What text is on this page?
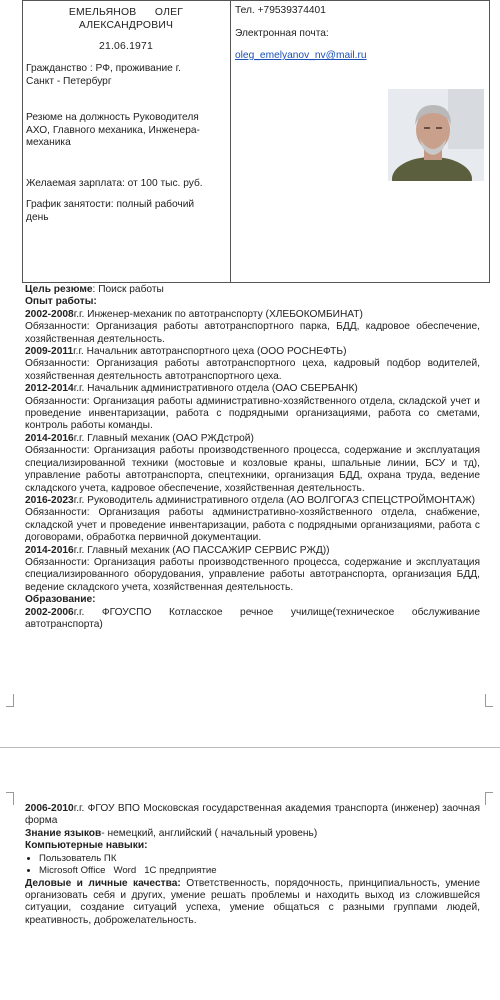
ЕМЕЛЬЯНОВ      ОЛЕГ
АЛЕКСАНДРОВИЧ
21.06.1971
Гражданство : РФ, проживание г.
Санкт - Петербург
Резюме на должность Руководителя
АХО, Главного механика, Инженера-
механика
Желаемая зарплата: от 100 тыс. руб.
График занятости: полный рабочий
день
Тел. +79539374401
Электронная почта:
oleg_emelyanov_nv@mail.ru

Цель резюме: Поиск работы

Опыт работы:

2002-2008г.г. Инженер-механик по автотранспорту (ХЛЕБОКОМБИНАТ)

Обязанности: Организация работы автотранспортного парка, БДД, кадровое обеспечение, хозяйственная деятельность.

2009-2011г.г. Начальник автотранспортного цеха (ООО РОСНЕФТЬ)

Обязанности: Организация работы автотранспортного цеха, кадровый подбор водителей, хозяйственная деятельность автотранспортного цеха.

2012-2014г.г. Начальник административного отдела (ОАО СБЕРБАНК)

Обязанности: Организация работы административно-хозяйственного отдела, складской учет и проведение инвентаризации, работа с подрядными организациями, работа со сметами, контроль работы команды.

2014-2016г.г. Главный механик (ОАО РЖДстрой)

Обязанности: Организация работы производственного процесса, содержание и эксплуатация специализированной техники (мостовые и козловые краны, шпальные линии, БСУ и тд), управление работы автотранспорта, спецтехники, организация БДД, охрана труда, ведение складского учета, кадровое обеспечение, хозяйственная деятельность.

2016-2023г.г. Руководитель административного отдела (АО ВОЛГОГАЗ СПЕЦСТРОЙМОНТАЖ)

Обязанности: Организация работы административно-хозяйственного отдела, снабжение, складской учет и проведение инвентаризации, работа с подрядными организациями, работа с договорами, обработка первичной документации.

2014-2016г.г. Главный механик (АО ПАССАЖИР СЕРВИС РЖД))

Обязанности: Организация работы производственного процесса, содержание и эксплуатация специализированного оборудования, управление работы автотранспорта, организация БДД, ведение складского учета, хозяйственная деятельность.

Образование:

2002-2006г.г. ФГОУСПО Котласское речное училище(техническое обслуживание автотранспорта)

2006-2010г.г. ФГОУ ВПО Московская государственная академия транспорта (инженер) заочная форма

Знание языков- немецкий, английский ( начальный уровень)

Компьютерные навыки:

• Пользователь ПК
• Microsoft Office   Word   1C предприятие

Деловые и личные качества: Ответственность, порядочность, принципиальность, умение организовать себя и других, умение решать проблемы и находить выход из сложившейся ситуации, создание ситуаций успеха, умение общаться с разными группами людей, креативность, доброжелательность.
